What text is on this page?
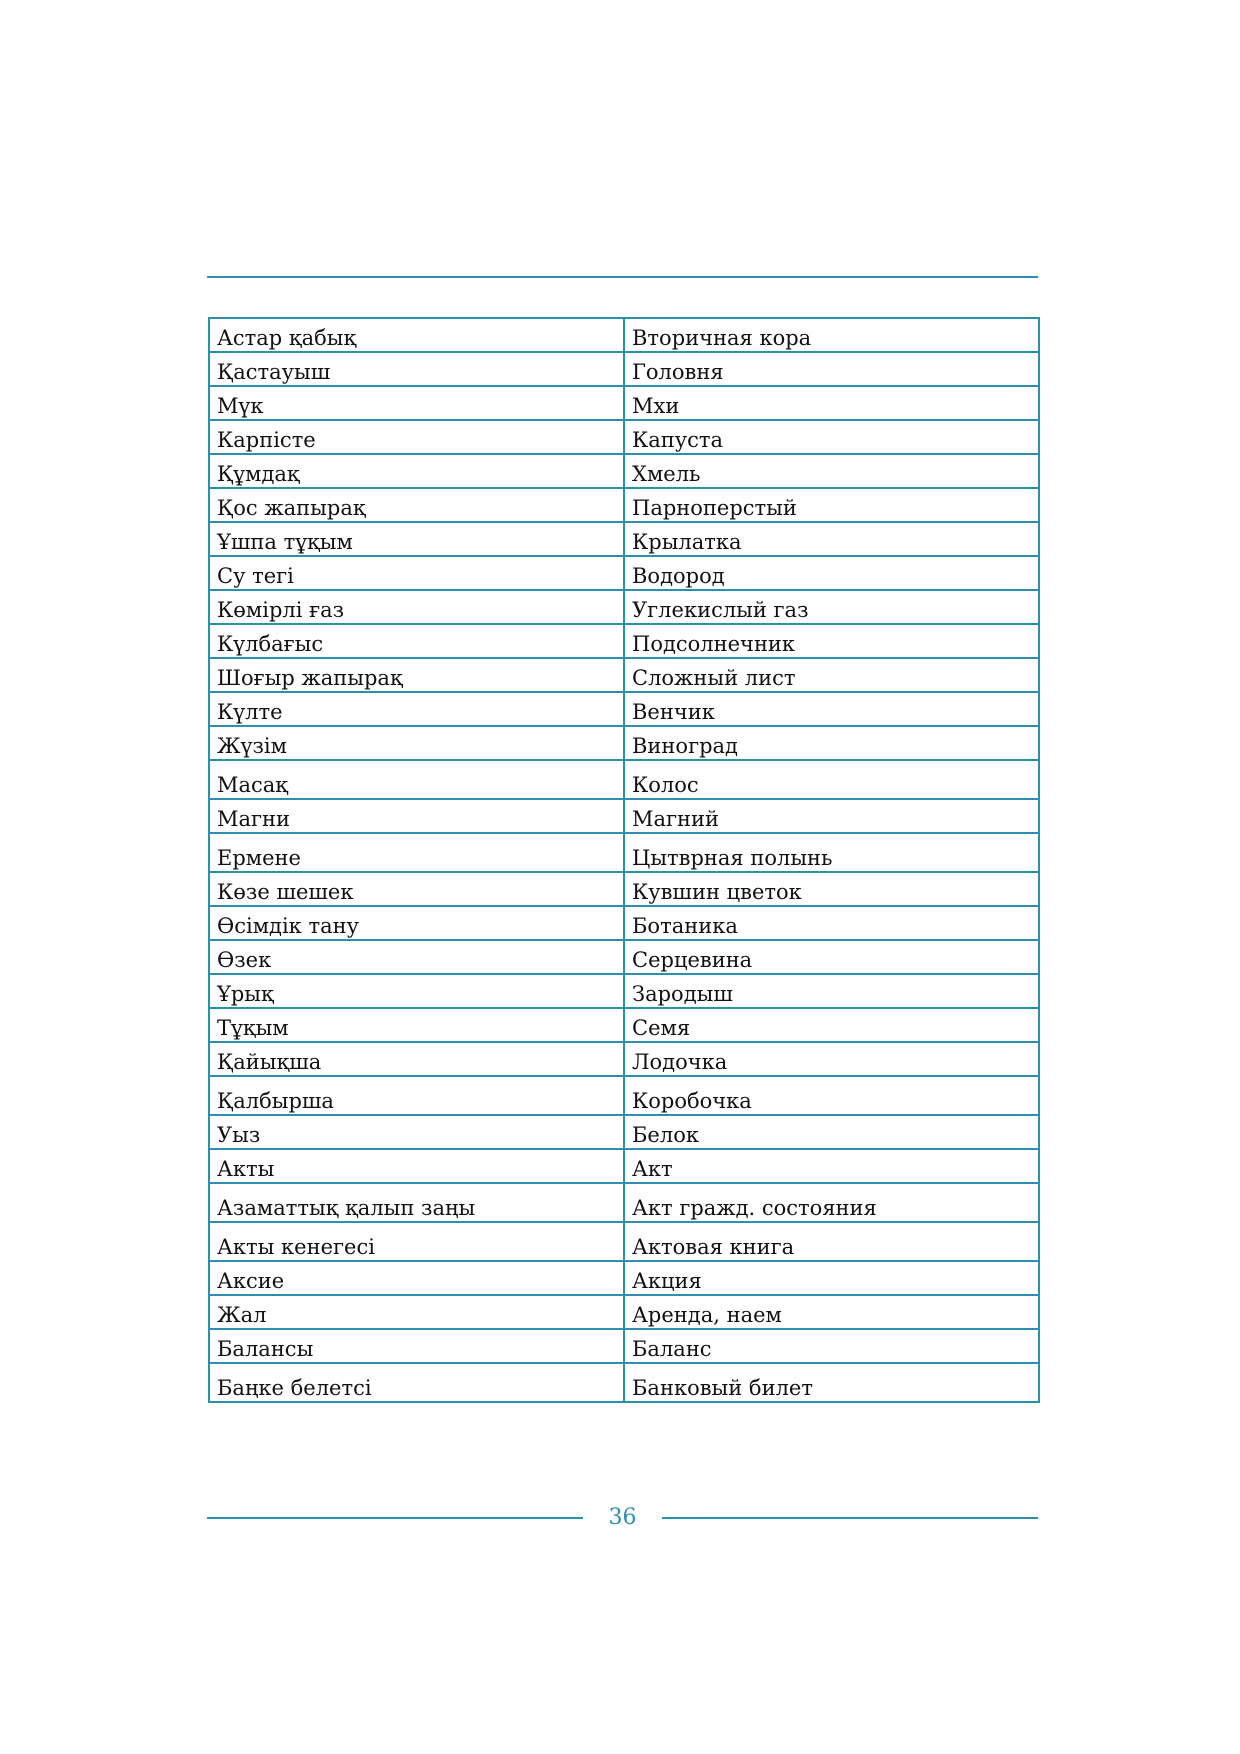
Астар қабық	Вторичная кора
Қастауыш	Головня
Мүк	Мхи
Карпісте	Капуста
Құмдақ	Хмель
Қос жапырақ	Парноперстый
Ұшпа тұқым	Крылатка
Су тегі	Водород
Көмірлі ғаз	Углекислый газ
Күлбағыс	Подсолнечник
Шоғыр жапырақ	Сложный лист
Күлте	Венчик
Жүзім	Виноград
Масақ	Колос
Магни	Магний
Ермене	Цытврная полынь
Көзе шешек	Кувшин цветок
Өсімдік тану	Ботаника
Өзек	Серцевина
Ұрық	Зародыш
Тұқым	Семя
Қайықша	Лодочка
Қалбырша	Коробочка
Уыз	Белок
Акты	Акт
Азаматтық қалып заңы	Акт гражд. состояния
Акты кенегесі	Актовая книга
Аксие	Акция
Жал	Аренда, наем
Балансы	Баланс
Баңке белетсі	Банковый билет
36
